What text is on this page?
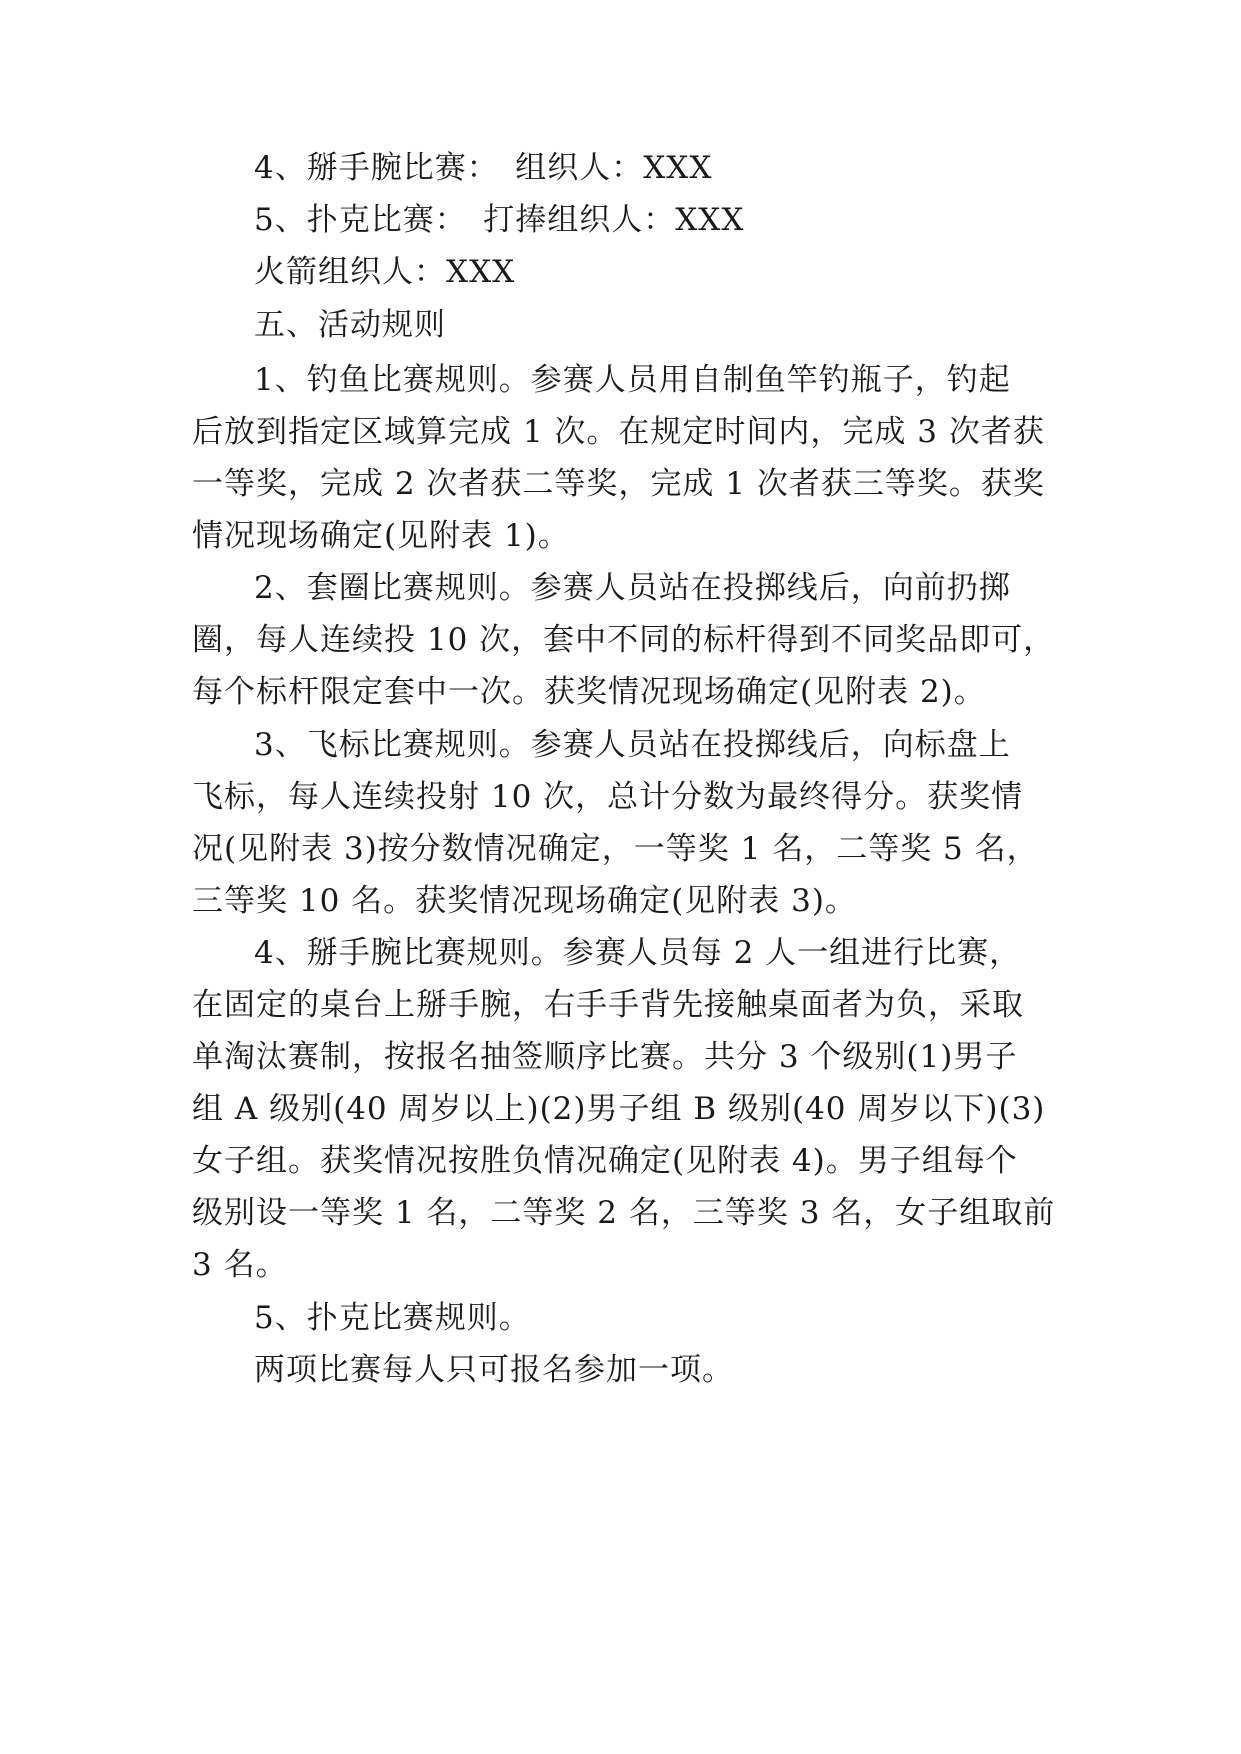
4、掰手腕比赛：　组织人：XXX
5、扑克比赛：　打捧组织人：XXX
火箭组织人：XXX
五、活动规则
1、钓鱼比赛规则。参赛人员用自制鱼竿钓瓶子，钓起
后放到指定区域算完成 1 次。在规定时间内，完成 3 次者获
一等奖，完成 2 次者获二等奖，完成 1 次者获三等奖。获奖
情况现场确定(见附表 1)。
2、套圈比赛规则。参赛人员站在投掷线后，向前扔掷
圈，每人连续投 10 次，套中不同的标杆得到不同奖品即可，
每个标杆限定套中一次。获奖情况现场确定(见附表 2)。
3、飞标比赛规则。参赛人员站在投掷线后，向标盘上
飞标，每人连续投射 10 次，总计分数为最终得分。获奖情
况(见附表 3)按分数情况确定，一等奖 1 名，二等奖 5 名，
三等奖 10 名。获奖情况现场确定(见附表 3)。
4、掰手腕比赛规则。参赛人员每 2 人一组进行比赛，
在固定的桌台上掰手腕，右手手背先接触桌面者为负，采取
单淘汰赛制，按报名抽签顺序比赛。共分 3 个级别(1)男子
组 A 级别(40 周岁以上)(2)男子组 B 级别(40 周岁以下)(3)
女子组。获奖情况按胜负情况确定(见附表 4)。男子组每个
级别设一等奖 1 名，二等奖 2 名，三等奖 3 名，女子组取前
3 名。
5、扑克比赛规则。
两项比赛每人只可报名参加一项。
